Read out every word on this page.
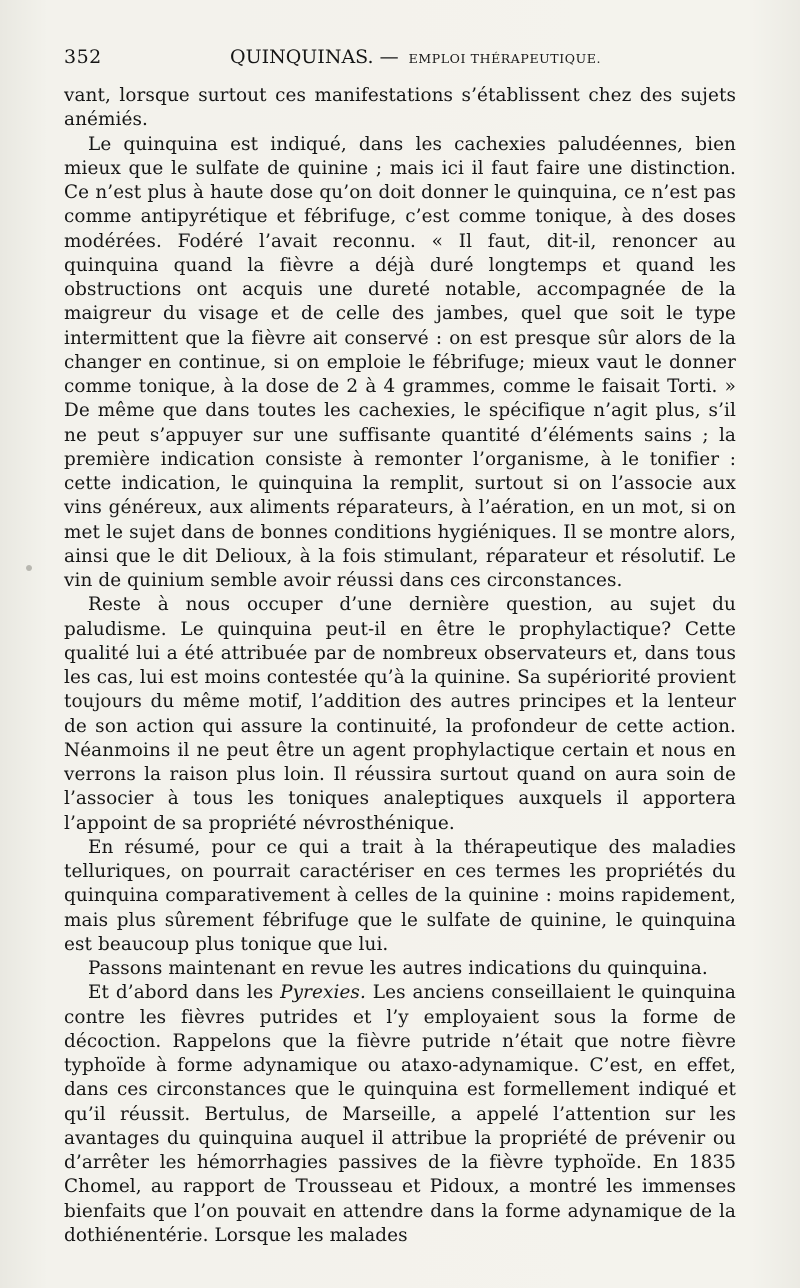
352	QUINQUINAS. — EMPLOI THÉRAPEUTIQUE.

vant, lorsque surtout ces manifestations s’établissent chez des sujets anémiés.

Le quinquina est indiqué, dans les cachexies paludéennes, bien mieux que le sulfate de quinine ; mais ici il faut faire une distinction. Ce n’est plus à haute dose qu’on doit donner le quinquina, ce n’est pas comme antipyrétique et fébrifuge, c’est comme tonique, à des doses modérées. Fodéré l’avait reconnu. « Il faut, dit-il, renoncer au quinquina quand la fièvre a déjà duré longtemps et quand les obstructions ont acquis une dureté notable, accompagnée de la maigreur du visage et de celle des jambes, quel que soit le type intermittent que la fièvre ait conservé : on est presque sûr alors de la changer en continue, si on emploie le fébrifuge; mieux vaut le donner comme tonique, à la dose de 2 à 4 grammes, comme le faisait Torti. » De même que dans toutes les cachexies, le spécifique n’agit plus, s’il ne peut s’appuyer sur une suffisante quantité d’éléments sains ; la première indication consiste à remonter l’organisme, à le tonifier : cette indication, le quinquina la remplit, surtout si on l’associe aux vins généreux, aux aliments réparateurs, à l’aération, en un mot, si on met le sujet dans de bonnes conditions hygiéniques. Il se montre alors, ainsi que le dit Delioux, à la fois stimulant, réparateur et résolutif. Le vin de quinium semble avoir réussi dans ces circonstances.

Reste à nous occuper d’une dernière question, au sujet du paludisme. Le quinquina peut-il en être le prophylactique? Cette qualité lui a été attribuée par de nombreux observateurs et, dans tous les cas, lui est moins contestée qu’à la quinine. Sa supériorité provient toujours du même motif, l’addition des autres principes et la lenteur de son action qui assure la continuité, la profondeur de cette action. Néanmoins il ne peut être un agent prophylactique certain et nous en verrons la raison plus loin. Il réussira surtout quand on aura soin de l’associer à tous les toniques analeptiques auxquels il apportera l’appoint de sa propriété névrosthénique.

En résumé, pour ce qui a trait à la thérapeutique des maladies telluriques, on pourrait caractériser en ces termes les propriétés du quinquina comparativement à celles de la quinine : moins rapidement, mais plus sûrement fébrifuge que le sulfate de quinine, le quinquina est beaucoup plus tonique que lui.

Passons maintenant en revue les autres indications du quinquina.

Et d’abord dans les Pyrexies. Les anciens conseillaient le quinquina contre les fièvres putrides et l’y employaient sous la forme de décoction. Rappelons que la fièvre putride n’était que notre fièvre typhoïde à forme adynamique ou ataxo-adynamique. C’est, en effet, dans ces circonstances que le quinquina est formellement indiqué et qu’il réussit. Bertulus, de Marseille, a appelé l’attention sur les avantages du quinquina auquel il attribue la propriété de prévenir ou d’arrêter les hémorrhagies passives de la fièvre typhoïde. En 1835 Chomel, au rapport de Trousseau et Pidoux, a montré les immenses bienfaits que l’on pouvait en attendre dans la forme adynamique de la dothiénentérie. Lorsque les malades
